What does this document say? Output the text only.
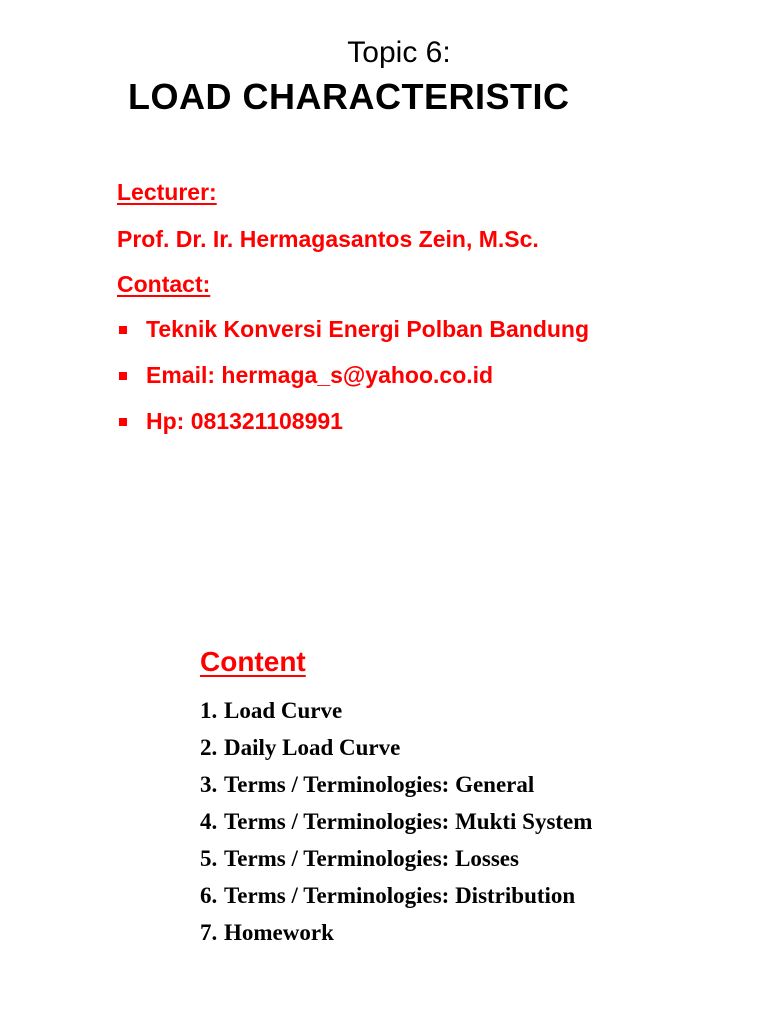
Topic 6:
LOAD CHARACTERISTIC
Lecturer:
Prof. Dr. Ir. Hermagasantos Zein, M.Sc.
Contact:
Teknik Konversi Energi Polban Bandung
Email: hermaga_s@yahoo.co.id
Hp: 081321108991
Content
1. Load Curve
2. Daily Load Curve
3. Terms / Terminologies: General
4. Terms / Terminologies: Mukti System
5. Terms / Terminologies: Losses
6. Terms / Terminologies: Distribution
7. Homework
